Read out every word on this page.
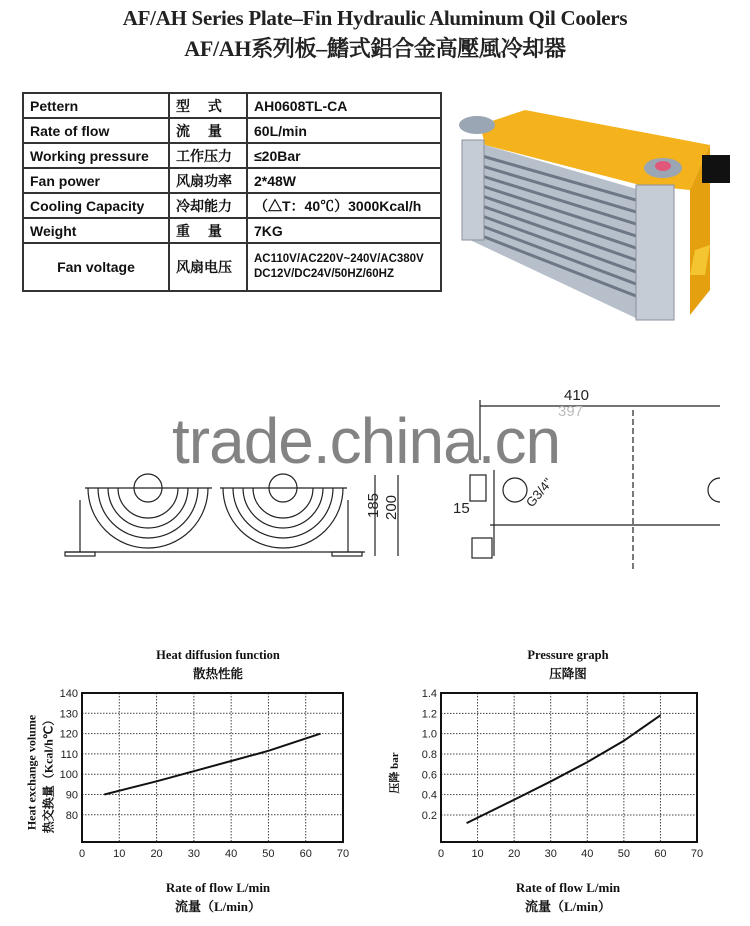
AF/AH Series Plate–Fin Hydraulic Aluminum Qil Coolers
AF/AH系列板–鰭式鋁合金高壓風冷却器
Pettern	型　 式	AH0608TL-CA
Rate of flow	流　 量	60L/min
Working pressure	工作压力	≤20Bar
Fan power	风扇功率	2*48W
Cooling Capacity	冷却能力	（△T：40℃）3000Kcal/h
Weight	重　 量	7KG
Fan voltage	风扇电压	AC110V/AC220V~240V/AC380V
DC12V/DC24V/50HZ/60HZ
410
397
185 200	15	G3/4"
trade.china.cn
Heat diffusion function
散热性能
Pressure graph
压降图
Rate of flow L/min
流量（L/min）
Rate of flow L/min
流量（L/min）
Heat exchange volume 热交换量（Kcal/h℃）	压降 bar
0	10 20 30 40 50 60 70
80
90
100
110
120
130
140
0 10 20 30 40 50 60 70
0.2
0.4
0.6
0.8
1.0
1.2
1.4
